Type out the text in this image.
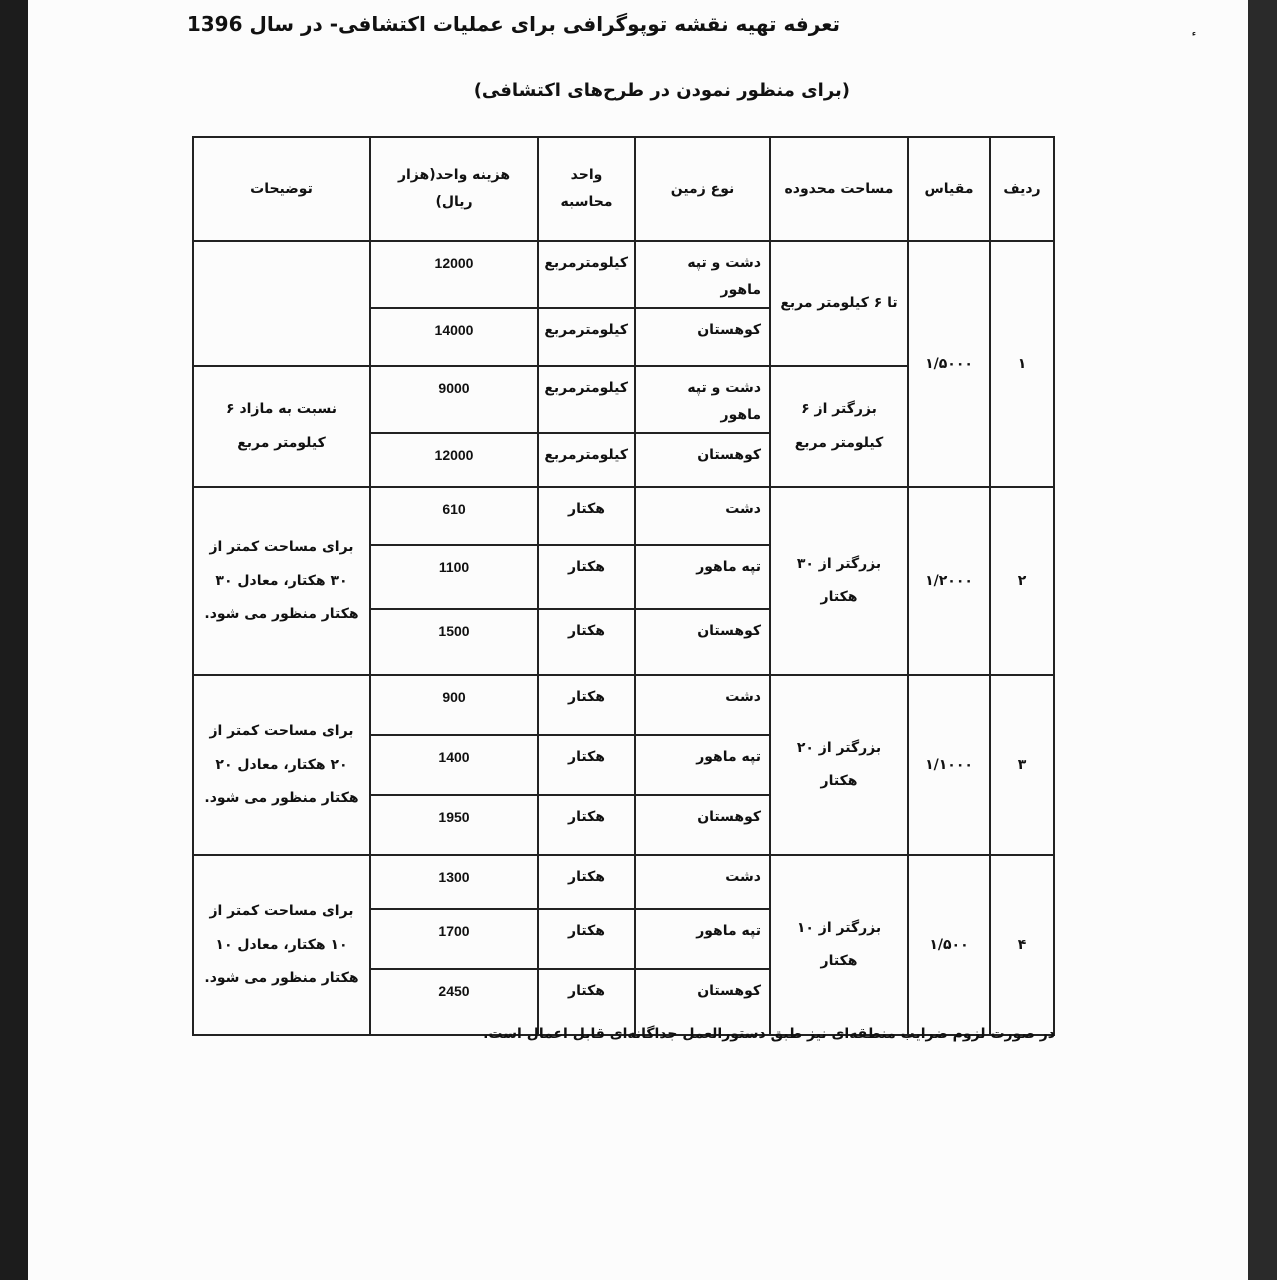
تعرفه تهیه نقشه توپوگرافی برای عملیات اکتشافی- در سال 1396
(برای منظور نمودن در طرح‌های اکتشافی)
ردیف	مقیاس	مساحت محدوده	نوع زمین	واحد محاسبه	هزینه واحد(هزار ریال)	توضیحات
۱	۱/۵۰۰۰	تا ۶ کیلومتر مربع	دشت و تپه ماهور	کیلومترمربع	12000	
			کوهستان	کیلومترمربع	14000	
		بزرگتر از ۶ کیلومتر مربع	دشت و تپه ماهور	کیلومترمربع	9000	نسبت به مازاد ۶ کیلومتر مربع
			کوهستان	کیلومترمربع	12000	
۲	۱/۲۰۰۰	بزرگتر از ۳۰ هکتار	دشت	هکتار	610	برای مساحت کمتر از ۳۰ هکتار، معادل ۳۰ هکتار منظور می شود.
			تپه ماهور	هکتار	1100	
			کوهستان	هکتار	1500	
۳	۱/۱۰۰۰	بزرگتر از ۲۰ هکتار	دشت	هکتار	900	برای مساحت کمتر از ۲۰ هکتار، معادل ۲۰ هکتار منظور می شود.
			تپه ماهور	هکتار	1400	
			کوهستان	هکتار	1950	
۴	۱/۵۰۰	بزرگتر از ۱۰ هکتار	دشت	هکتار	1300	برای مساحت کمتر از ۱۰ هکتار، معادل ۱۰ هکتار منظور می شود.
			تپه ماهور	هکتار	1700	
			کوهستان	هکتار	2450	
در صورت لزوم ضرایب منطقه‌ای نیز طبق دستورالعمل جداگانه‌ای قابل اعمال است.
